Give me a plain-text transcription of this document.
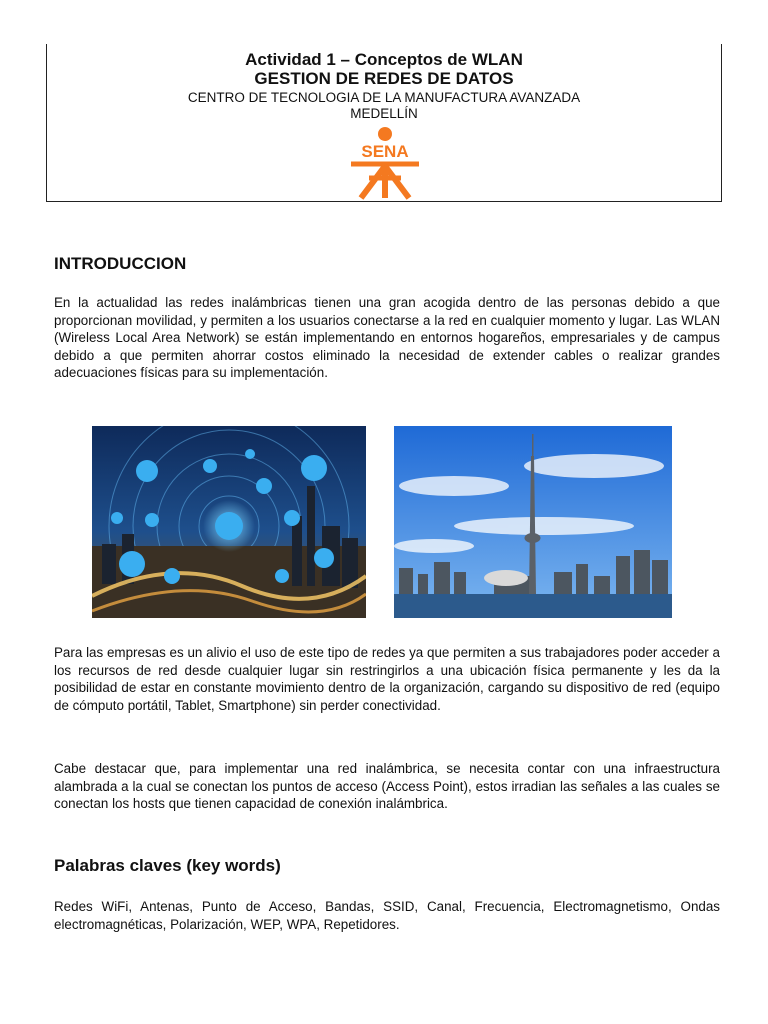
Actividad 1 – Conceptos de WLAN
GESTION DE REDES DE DATOS
CENTRO DE TECNOLOGIA DE LA MANUFACTURA AVANZADA
MEDELLÍN
SENA
INTRODUCCION

En la actualidad las redes inalámbricas tienen una gran acogida dentro de las personas debido a que proporcionan movilidad, y permiten a los usuarios conectarse a la red en cualquier momento y lugar. Las WLAN (Wireless Local Area Network) se están implementando en entornos hogareños, empresariales y de campus debido a que permiten ahorrar costos eliminado la necesidad de extender cables o realizar grandes adecuaciones físicas para su implementación.

Para las empresas es un alivio el uso de este tipo de redes ya que permiten a sus trabajadores poder acceder a los recursos de red desde cualquier lugar sin restringirlos a una ubicación física permanente y les da la posibilidad de estar en constante movimiento dentro de la organización, cargando su dispositivo de red (equipo de cómputo portátil, Tablet, Smartphone) sin perder conectividad.

Cabe destacar que, para implementar una red inalámbrica, se necesita contar con una infraestructura alambrada a la cual se conectan los puntos de acceso (Access Point), estos irradian las señales a las cuales se conectan los hosts que tienen capacidad de conexión inalámbrica.

Palabras claves (key words)

Redes WiFi, Antenas, Punto de Acceso, Bandas, SSID, Canal, Frecuencia, Electromagnetismo, Ondas electromagnéticas, Polarización, WEP, WPA, Repetidores.
